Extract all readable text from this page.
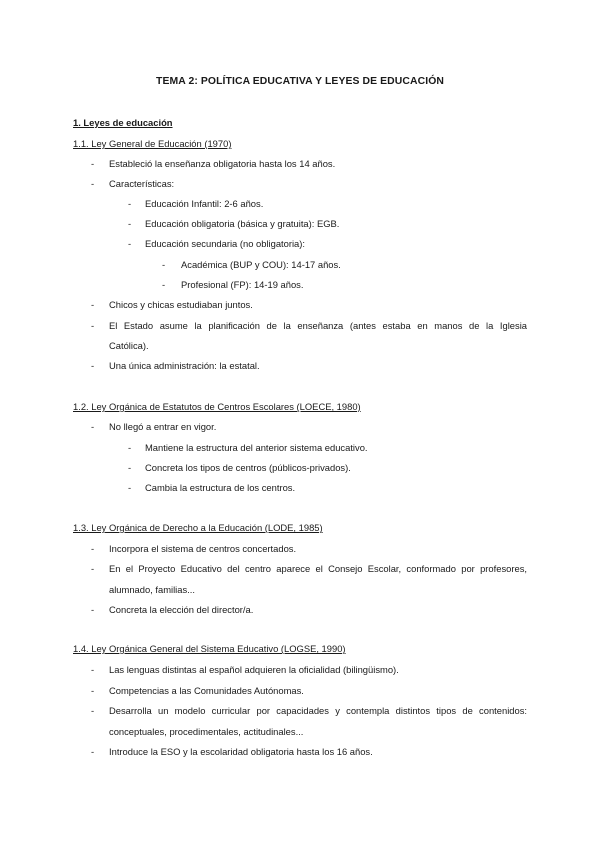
TEMA 2: POLÍTICA EDUCATIVA Y LEYES DE EDUCACIÓN
1. Leyes de educación
1.1. Ley General de Educación (1970)
- Estableció la enseñanza obligatoria hasta los 14 años.
- Características:
- Educación Infantil: 2-6 años.
- Educación obligatoria (básica y gratuita): EGB.
- Educación secundaria (no obligatoria):
- Académica (BUP y COU): 14-17 años.
- Profesional (FP): 14-19 años.
- Chicos y chicas estudiaban juntos.
- El Estado asume la planificación de la enseñanza (antes estaba en manos de la Iglesia
Católica).
- Una única administración: la estatal.
1.2. Ley Orgánica de Estatutos de Centros Escolares (LOECE, 1980)
- No llegó a entrar en vigor.
- Mantiene la estructura del anterior sistema educativo.
- Concreta los tipos de centros (públicos-privados).
- Cambia la estructura de los centros.
1.3. Ley Orgánica de Derecho a la Educación (LODE, 1985)
- Incorpora el sistema de centros concertados.
- En el Proyecto Educativo del centro aparece el Consejo Escolar, conformado por profesores,
alumnado, familias...
- Concreta la elección del director/a.
1.4. Ley Orgánica General del Sistema Educativo (LOGSE, 1990)
- Las lenguas distintas al español adquieren la oficialidad (bilingüismo).
- Competencias a las Comunidades Autónomas.
- Desarrolla un modelo curricular por capacidades y contempla distintos tipos de contenidos:
conceptuales, procedimentales, actitudinales...
- Introduce la ESO y la escolaridad obligatoria hasta los 16 años.
